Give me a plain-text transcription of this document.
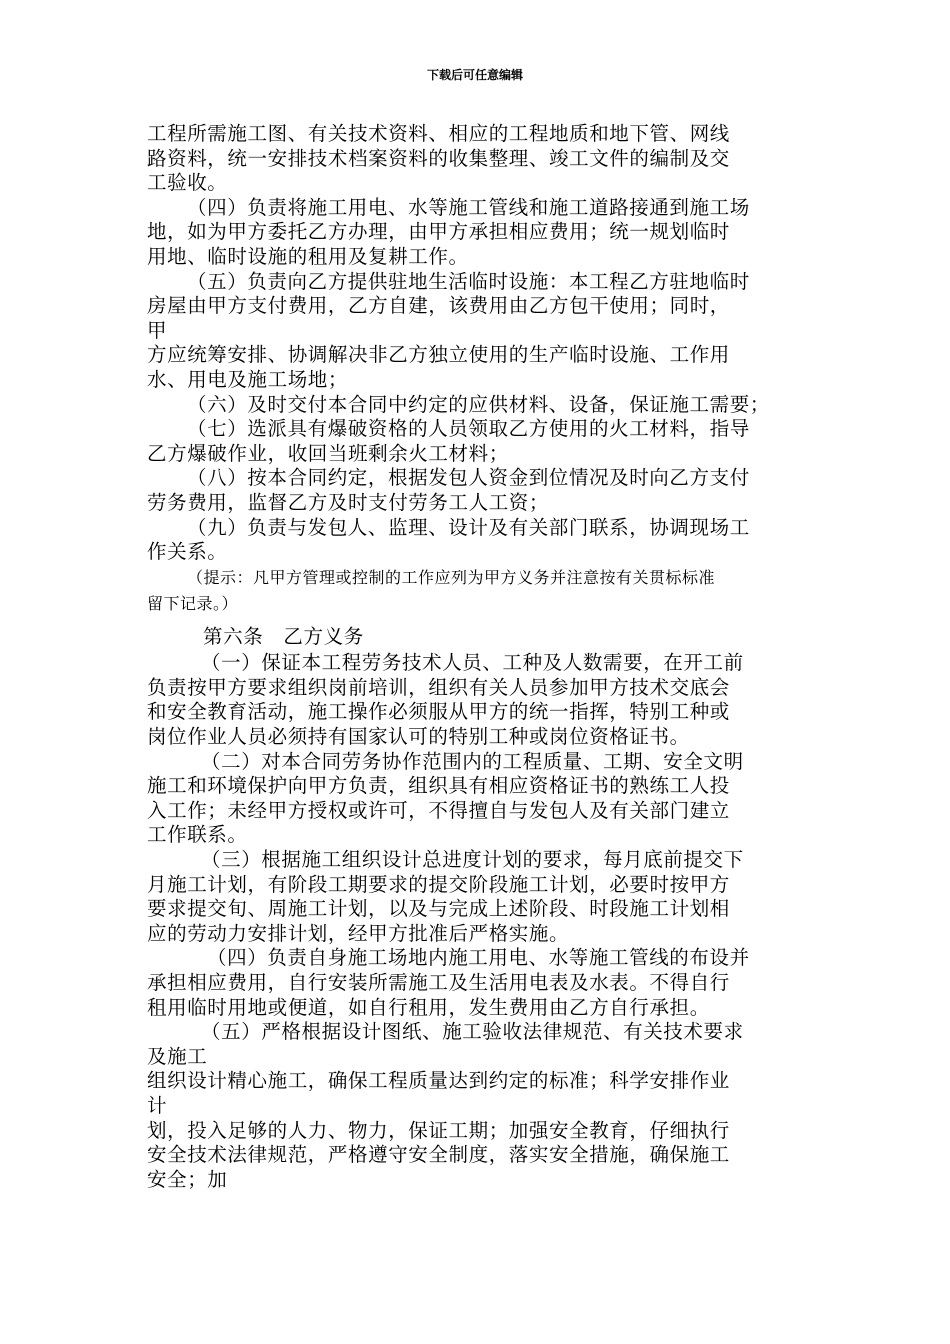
下载后可任意编辑
工程所需施工图、有关技术资料、相应的工程地质和地下管、网线
路资料，统一安排技术档案资料的收集整理、竣工文件的编制及交
工验收。
（四）负责将施工用电、水等施工管线和施工道路接通到施工场
地，如为甲方委托乙方办理，由甲方承担相应费用；统一规划临时
用地、临时设施的租用及复耕工作。
（五）负责向乙方提供驻地生活临时设施：本工程乙方驻地临时
房屋由甲方支付费用，乙方自建，该费用由乙方包干使用；同时，
甲
方应统筹安排、协调解决非乙方独立使用的生产临时设施、工作用
水、用电及施工场地；
（六）及时交付本合同中约定的应供材料、设备，保证施工需要；
（七）选派具有爆破资格的人员领取乙方使用的火工材料，指导
乙方爆破作业，收回当班剩余火工材料；
（八）按本合同约定，根据发包人资金到位情况及时向乙方支付
劳务费用，监督乙方及时支付劳务工人工资；
（九）负责与发包人、监理、设计及有关部门联系，协调现场工
作关系。
（提示：凡甲方管理或控制的工作应列为甲方义务并注意按有关贯标标准
留下记录。）
第六条　乙方义务
（一）保证本工程劳务技术人员、工种及人数需要，在开工前
负责按甲方要求组织岗前培训，组织有关人员参加甲方技术交底会
和安全教育活动，施工操作必须服从甲方的统一指挥，特别工种或
岗位作业人员必须持有国家认可的特别工种或岗位资格证书。
（二）对本合同劳务协作范围内的工程质量、工期、安全文明
施工和环境保护向甲方负责，组织具有相应资格证书的熟练工人投
入工作；未经甲方授权或许可，不得擅自与发包人及有关部门建立
工作联系。
（三）根据施工组织设计总进度计划的要求，每月底前提交下
月施工计划，有阶段工期要求的提交阶段施工计划，必要时按甲方
要求提交旬、周施工计划，以及与完成上述阶段、时段施工计划相
应的劳动力安排计划，经甲方批准后严格实施。
（四）负责自身施工场地内施工用电、水等施工管线的布设并
承担相应费用，自行安装所需施工及生活用电表及水表。不得自行
租用临时用地或便道，如自行租用，发生费用由乙方自行承担。
（五）严格根据设计图纸、施工验收法律规范、有关技术要求
及施工
组织设计精心施工，确保工程质量达到约定的标准；科学安排作业
计
划，投入足够的人力、物力，保证工期；加强安全教育，仔细执行
安全技术法律规范，严格遵守安全制度，落实安全措施，确保施工
安全；加
